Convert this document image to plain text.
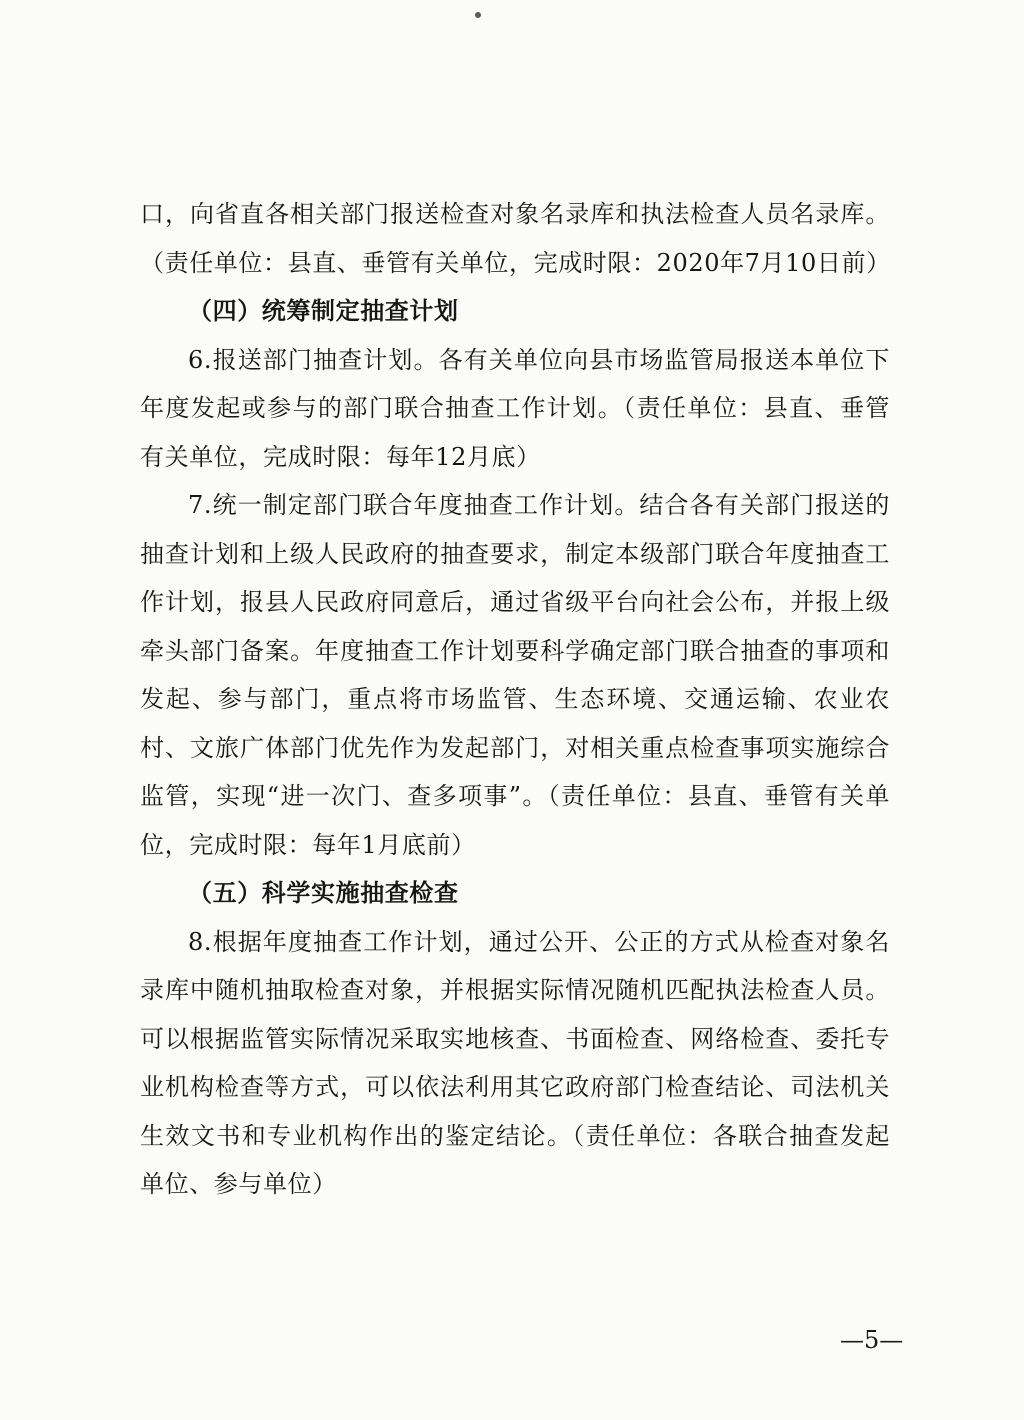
口，向省直各相关部门报送检查对象名录库和执法检查人员名录库。（责任单位：县直、垂管有关单位，完成时限：2020年7月10日前）

（四）统筹制定抽查计划

6.报送部门抽查计划。各有关单位向县市场监管局报送本单位下年度发起或参与的部门联合抽查工作计划。（责任单位：县直、垂管有关单位，完成时限：每年12月底）

7.统一制定部门联合年度抽查工作计划。结合各有关部门报送的抽查计划和上级人民政府的抽查要求，制定本级部门联合年度抽查工作计划，报县人民政府同意后，通过省级平台向社会公布，并报上级牵头部门备案。年度抽查工作计划要科学确定部门联合抽查的事项和发起、参与部门，重点将市场监管、生态环境、交通运输、农业农村、文旅广体部门优先作为发起部门，对相关重点检查事项实施综合监管，实现“进一次门、查多项事”。（责任单位：县直、垂管有关单位，完成时限：每年1月底前）

（五）科学实施抽查检查

8.根据年度抽查工作计划，通过公开、公正的方式从检查对象名录库中随机抽取检查对象，并根据实际情况随机匹配执法检查人员。可以根据监管实际情况采取实地核查、书面检查、网络检查、委托专业机构检查等方式，可以依法利用其它政府部门检查结论、司法机关生效文书和专业机构作出的鉴定结论。（责任单位：各联合抽查发起单位、参与单位）

—5—
